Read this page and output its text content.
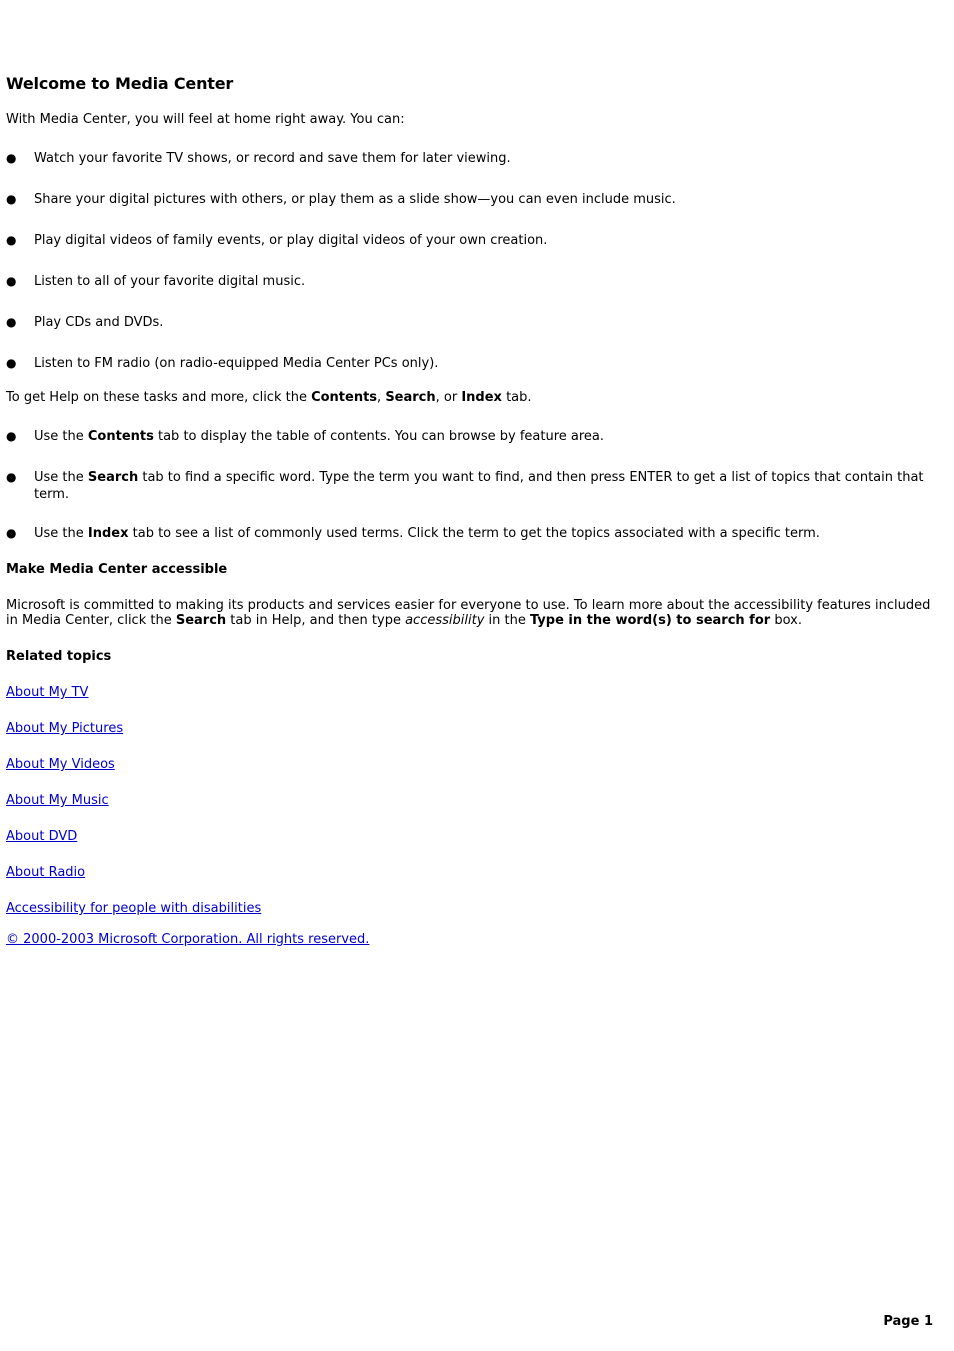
Welcome to Media Center

With Media Center, you will feel at home right away. You can:

● Watch your favorite TV shows, or record and save them for later viewing.
● Share your digital pictures with others, or play them as a slide show—you can even include music.
● Play digital videos of family events, or play digital videos of your own creation.
● Listen to all of your favorite digital music.
● Play CDs and DVDs.
● Listen to FM radio (on radio-equipped Media Center PCs only).

To get Help on these tasks and more, click the Contents, Search, or Index tab.

● Use the Contents tab to display the table of contents. You can browse by feature area.
● Use the Search tab to find a specific word. Type the term you want to find, and then press ENTER to get a list of topics that contain that term.
● Use the Index tab to see a list of commonly used terms. Click the term to get the topics associated with a specific term.

Make Media Center accessible

Microsoft is committed to making its products and services easier for everyone to use. To learn more about the accessibility features included in Media Center, click the Search tab in Help, and then type accessibility in the Type in the word(s) to search for box.

Related topics

About My TV
About My Pictures
About My Videos
About My Music
About DVD
About Radio
Accessibility for people with disabilities
© 2000-2003 Microsoft Corporation. All rights reserved.
Page 1
